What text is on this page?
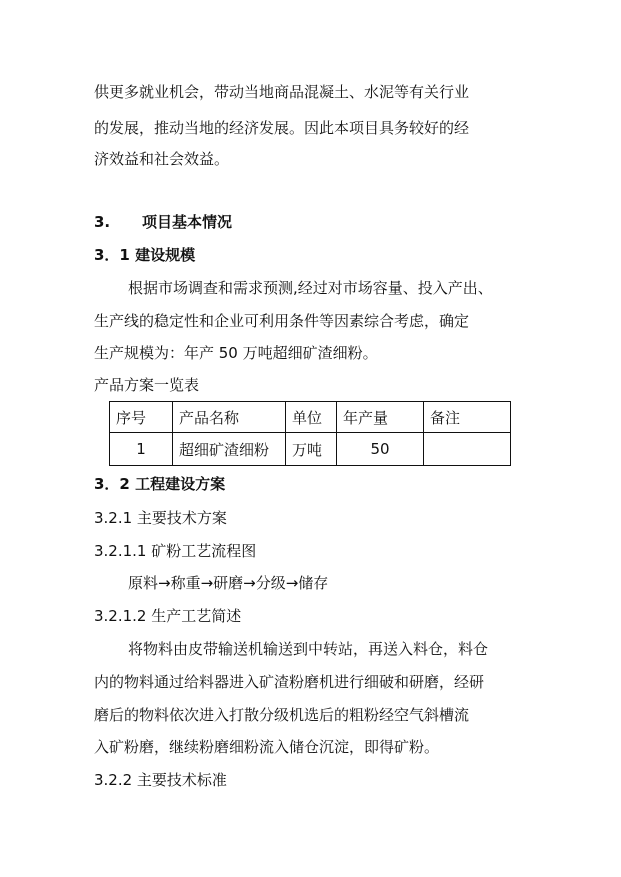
供更多就业机会，带动当地商品混凝土、水泥等有关行业

的发展，推动当地的经济发展。因此本项目具务较好的经

济效益和社会效益。

3. 项目基本情况

3．1 建设规模

根据市场调查和需求预测,经过对市场容量、投入产出、

生产线的稳定性和企业可利用条件等因素综合考虑，确定

生产规模为：年产 50 万吨超细矿渣细粉。

产品方案一览表

序号	产品名称	单位	年产量	备注
1	超细矿渣细粉	万吨	50	

3．2 工程建设方案

3.2.1 主要技术方案

3.2.1.1 矿粉工艺流程图

原料→称重→研磨→分级→储存

3.2.1.2 生产工艺简述

将物料由皮带输送机输送到中转站，再送入料仓，料仓

内的物料通过给料器进入矿渣粉磨机进行细破和研磨，经研

磨后的物料依次进入打散分级机选后的粗粉经空气斜槽流

入矿粉磨，继续粉磨细粉流入储仓沉淀，即得矿粉。

3.2.2 主要技术标准
